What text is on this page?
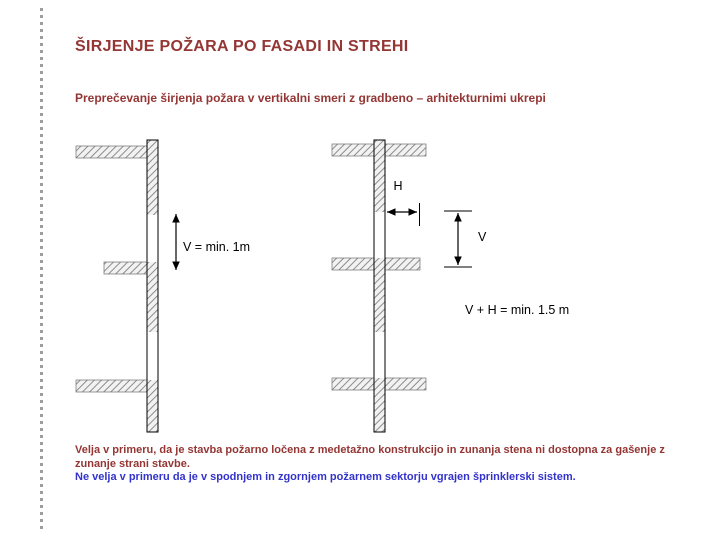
ŠIRJENJE POŽARA PO FASADI IN STREHI
Preprečevanje širjenja požara v vertikalni smeri z gradbeno – arhitekturnimi ukrepi
V = min. 1m
H
V
V + H = min. 1.5 m

Velja v primeru, da je stavba požarno ločena z medetažno konstrukcijo in zunanja stena ni dostopna za gašenje z zunanje strani stavbe.

Ne velja v primeru da je v spodnjem in zgornjem požarnem sektorju vgrajen šprinklerski sistem.
